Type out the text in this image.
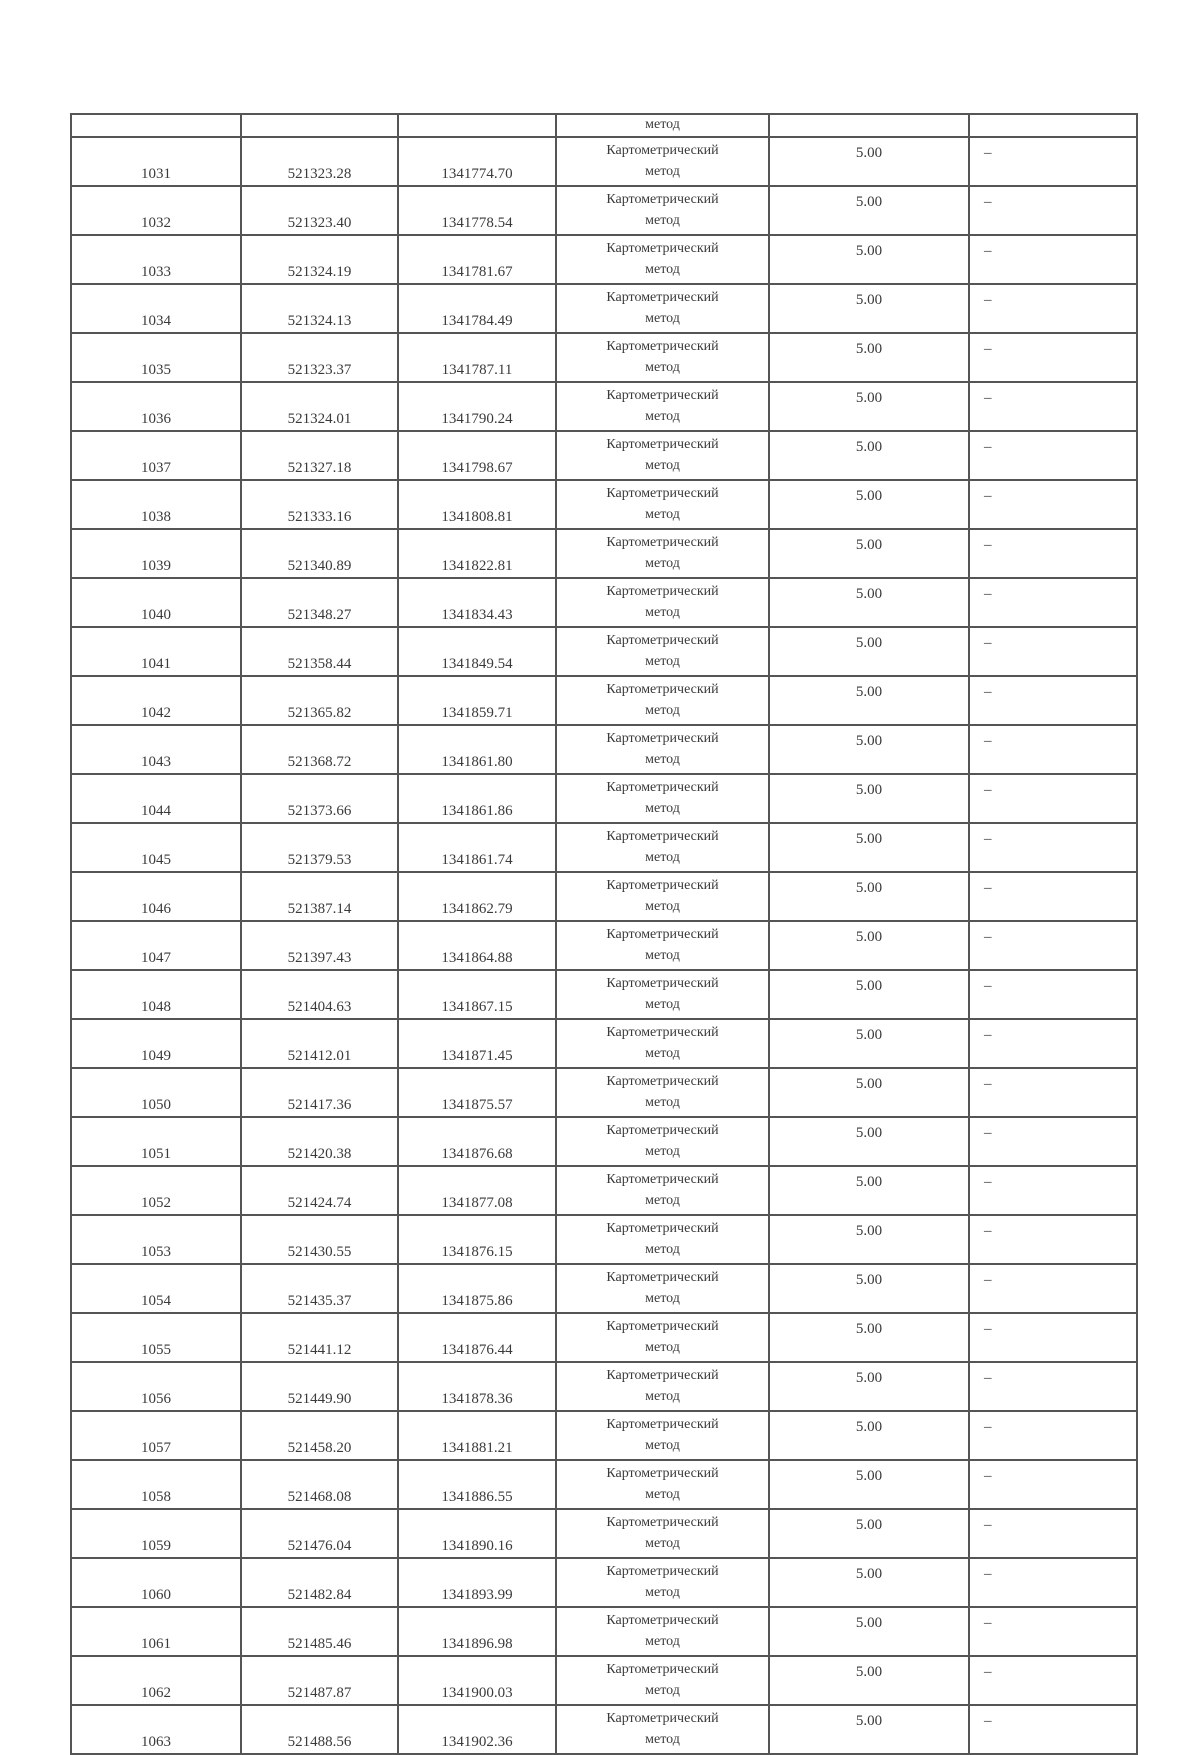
			метод		

1031	521323.28	1341774.70	Картометрический
метод	5.00	–

1032	521323.40	1341778.54	Картометрический
метод	5.00	–

1033	521324.19	1341781.67	Картометрический
метод	5.00	–

1034	521324.13	1341784.49	Картометрический
метод	5.00	–

1035	521323.37	1341787.11	Картометрический
метод	5.00	–

1036	521324.01	1341790.24	Картометрический
метод	5.00	–

1037	521327.18	1341798.67	Картометрический
метод	5.00	–

1038	521333.16	1341808.81	Картометрический
метод	5.00	–

1039	521340.89	1341822.81	Картометрический
метод	5.00	–

1040	521348.27	1341834.43	Картометрический
метод	5.00	–

1041	521358.44	1341849.54	Картометрический
метод	5.00	–

1042	521365.82	1341859.71	Картометрический
метод	5.00	–

1043	521368.72	1341861.80	Картометрический
метод	5.00	–

1044	521373.66	1341861.86	Картометрический
метод	5.00	–

1045	521379.53	1341861.74	Картометрический
метод	5.00	–

1046	521387.14	1341862.79	Картометрический
метод	5.00	–

1047	521397.43	1341864.88	Картометрический
метод	5.00	–

1048	521404.63	1341867.15	Картометрический
метод	5.00	–

1049	521412.01	1341871.45	Картометрический
метод	5.00	–

1050	521417.36	1341875.57	Картометрический
метод	5.00	–

1051	521420.38	1341876.68	Картометрический
метод	5.00	–

1052	521424.74	1341877.08	Картометрический
метод	5.00	–

1053	521430.55	1341876.15	Картометрический
метод	5.00	–

1054	521435.37	1341875.86	Картометрический
метод	5.00	–

1055	521441.12	1341876.44	Картометрический
метод	5.00	–

1056	521449.90	1341878.36	Картометрический
метод	5.00	–

1057	521458.20	1341881.21	Картометрический
метод	5.00	–

1058	521468.08	1341886.55	Картометрический
метод	5.00	–

1059	521476.04	1341890.16	Картометрический
метод	5.00	–

1060	521482.84	1341893.99	Картометрический
метод	5.00	–

1061	521485.46	1341896.98	Картометрический
метод	5.00	–

1062	521487.87	1341900.03	Картометрический
метод	5.00	–

1063	521488.56	1341902.36	Картометрический
метод	5.00	–
